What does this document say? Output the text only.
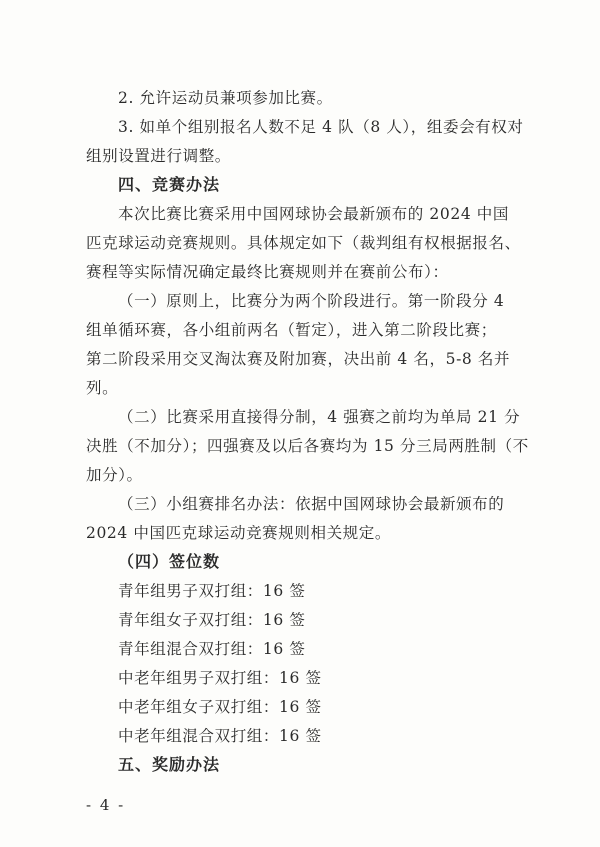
2. 允许运动员兼项参加比赛。
3. 如单个组别报名人数不足 4 队（8 人），组委会有权对
组别设置进行调整。
四、竞赛办法
本次比赛比赛采用中国网球协会最新颁布的 2024 中国
匹克球运动竞赛规则。具体规定如下（裁判组有权根据报名、
赛程等实际情况确定最终比赛规则并在赛前公布）：
（一）原则上，比赛分为两个阶段进行。第一阶段分 4
组单循环赛，各小组前两名（暂定），进入第二阶段比赛；
第二阶段采用交叉淘汰赛及附加赛，决出前 4 名，5-8 名并
列。
（二）比赛采用直接得分制，4 强赛之前均为单局 21 分
决胜（不加分）；四强赛及以后各赛均为 15 分三局两胜制（不
加分）。
（三）小组赛排名办法：依据中国网球协会最新颁布的
2024 中国匹克球运动竞赛规则相关规定。
（四）签位数
青年组男子双打组：16 签
青年组女子双打组：16 签
青年组混合双打组：16 签
中老年组男子双打组：16 签
中老年组女子双打组：16 签
中老年组混合双打组：16 签
五、奖励办法
- 4 -
